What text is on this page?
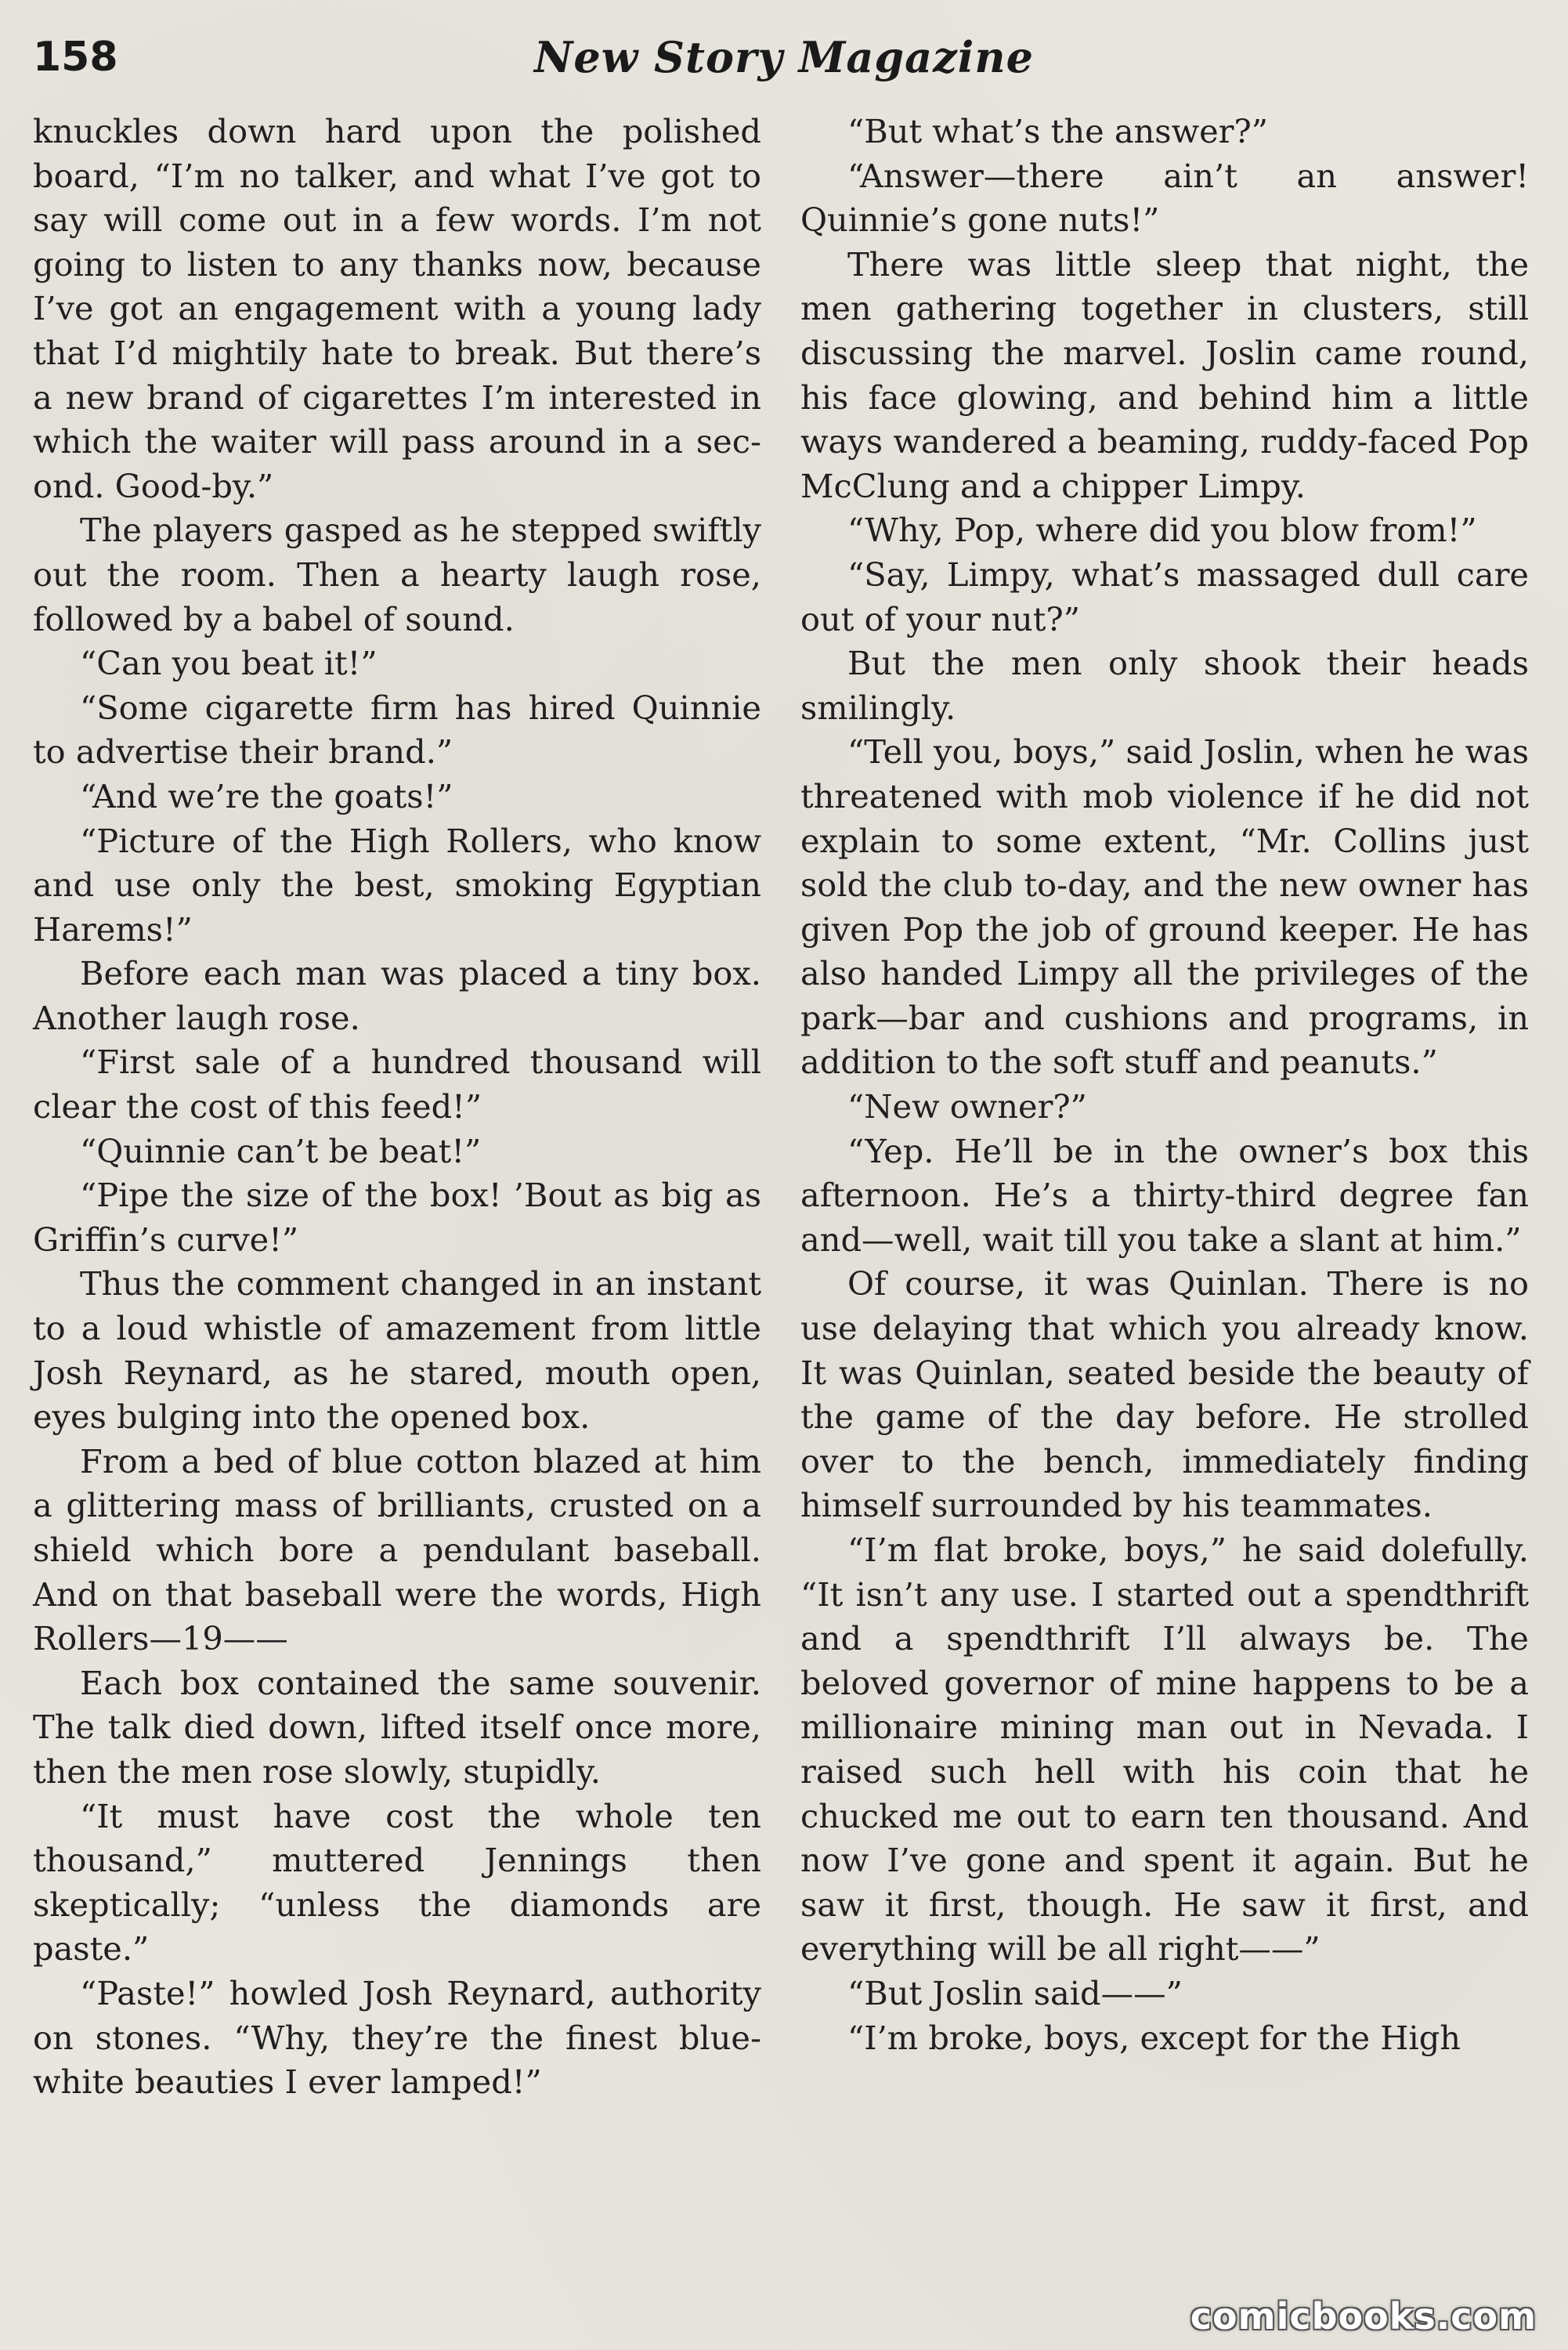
158	New Story Magazine

knuckles down hard upon the polished board, “I’m no talker, and what I’ve got to say will come out in a few words. I’m not going to listen to any thanks now, because I’ve got an engagement with a young lady that I’d mightily hate to break. But there’s a new brand of cigarettes I’m interested in which the waiter will pass around in a second. Good-by.”

The players gasped as he stepped swiftly out the room. Then a hearty laugh rose, followed by a babel of sound.

“Can you beat it!”

“Some cigarette firm has hired Quinnie to advertise their brand.”

“And we’re the goats!”

“Picture of the High Rollers, who know and use only the best, smoking Egyptian Harems!”

Before each man was placed a tiny box. Another laugh rose.

“First sale of a hundred thousand will clear the cost of this feed!”

“Quinnie can’t be beat!”

“Pipe the size of the box! ’Bout as big as Griffin’s curve!”

Thus the comment changed in an instant to a loud whistle of amazement from little Josh Reynard, as he stared, mouth open, eyes bulging into the opened box.

From a bed of blue cotton blazed at him a glittering mass of brilliants, crusted on a shield which bore a pendulant baseball. And on that baseball were the words, High Rollers—19——

Each box contained the same souvenir. The talk died down, lifted itself once more, then the men rose slowly, stupidly.

“It must have cost the whole ten thousand,” muttered Jennings then skeptically; “unless the diamonds are paste.”

“Paste!” howled Josh Reynard, authority on stones. “Why, they’re the finest blue-white beauties I ever lamped!”

“But what’s the answer?”

“Answer—there ain’t an answer! Quinnie’s gone nuts!”

There was little sleep that night, the men gathering together in clusters, still discussing the marvel. Joslin came round, his face glowing, and behind him a little ways wandered a beaming, ruddy-faced Pop McClung and a chipper Limpy.

“Why, Pop, where did you blow from!”

“Say, Limpy, what’s massaged dull care out of your nut?”

But the men only shook their heads smilingly.

“Tell you, boys,” said Joslin, when he was threatened with mob violence if he did not explain to some extent, “Mr. Collins just sold the club to-day, and the new owner has given Pop the job of ground keeper. He has also handed Limpy all the privileges of the park—bar and cushions and programs, in addition to the soft stuff and peanuts.”

“New owner?”

“Yep. He’ll be in the owner’s box this afternoon. He’s a thirty-third degree fan and—well, wait till you take a slant at him.”

Of course, it was Quinlan. There is no use delaying that which you already know. It was Quinlan, seated beside the beauty of the game of the day before. He strolled over to the bench, immediately finding himself surrounded by his teammates.

“I’m flat broke, boys,” he said dolefully. “It isn’t any use. I started out a spendthrift and a spendthrift I’ll always be. The beloved governor of mine happens to be a millionaire mining man out in Nevada. I raised such hell with his coin that he chucked me out to earn ten thousand. And now I’ve gone and spent it again. But he saw it first, though. He saw it first, and everything will be all right——”

“But Joslin said——”

“I’m broke, boys, except for the High

comicbooks.com
